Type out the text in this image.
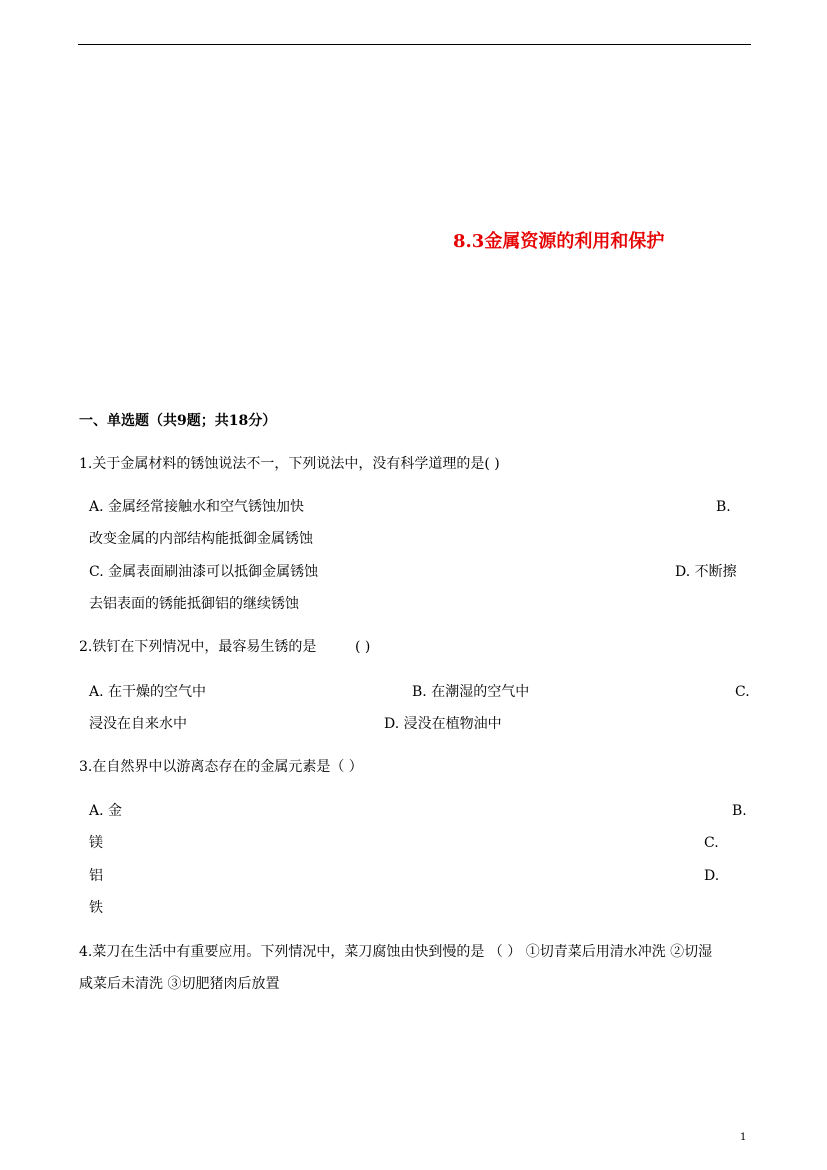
8.3金属资源的利用和保护
一、单选题（共9题；共18分）
1.关于金属材料的锈蚀说法不一，下列说法中，没有科学道理的是( )
A. 金属经常接触水和空气锈蚀加快	B.
改变金属的内部结构能抵御金属锈蚀
C. 金属表面刷油漆可以抵御金属锈蚀	D. 不断擦
去铝表面的锈能抵御铝的继续锈蚀
2.铁钉在下列情况中，最容易生锈的是	( )
A. 在干燥的空气中	B. 在潮湿的空气中	C.
浸没在自来水中	D. 浸没在植物油中
3.在自然界中以游离态存在的金属元素是（ ）
A. 金	B.
镁	C.
铝	D.
铁
4.菜刀在生活中有重要应用。下列情况中，菜刀腐蚀由快到慢的是 （ ） ①切青菜后用清水冲洗 ②切湿
咸菜后未清洗 ③切肥猪肉后放置
1
